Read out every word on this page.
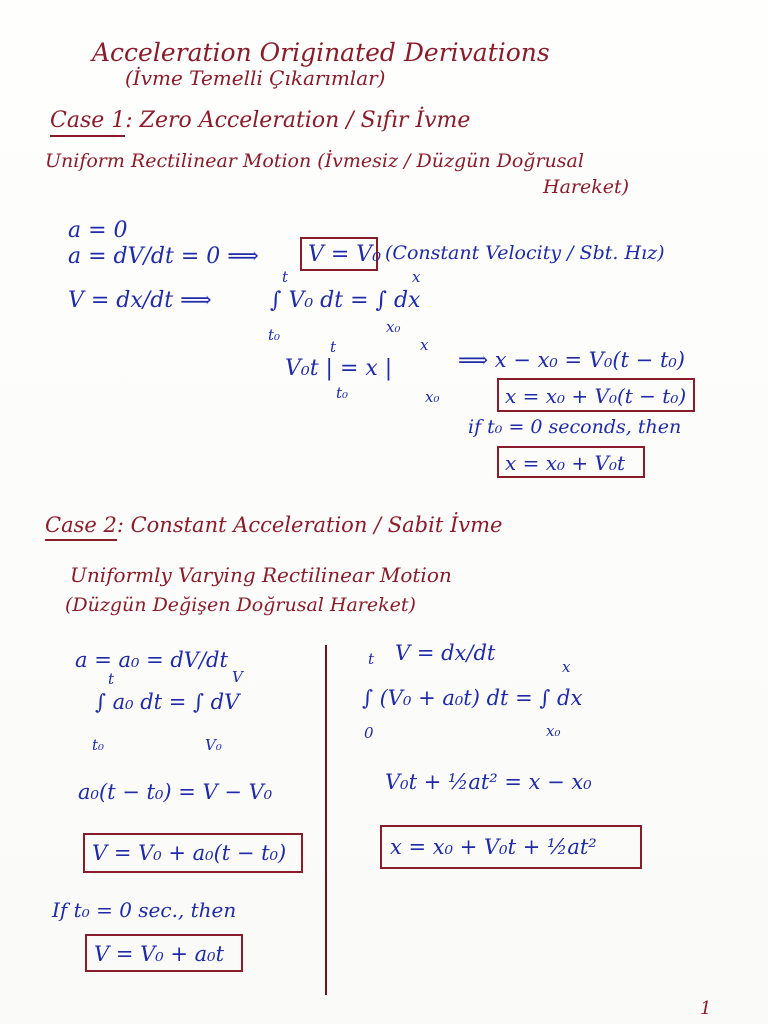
Acceleration Originated Derivations
(İvme Temelli Çıkarımlar)
Case 1: Zero Acceleration / Sıfır İvme
Uniform Rectilinear Motion (İvmesiz / Düzgün Doğrusal
Hareket)
a = 0
a = dV/dt = 0 ⟹ V = V₀ (Constant Velocity / Sbt. Hız)
V = dx/dt ⟹	∫ V₀ dt = ∫ dx
t
t₀
x
x₀
V₀t | = x |
t
t₀
x
x₀
⟹ x − x₀ = V₀(t − t₀)
x = x₀ + V₀(t − t₀)
if t₀ = 0 seconds, then
x = x₀ + V₀t
Case 2: Constant Acceleration / Sabit İvme
Uniformly Varying Rectilinear Motion
(Düzgün Değişen Doğrusal Hareket)
a = a₀ = dV/dt
∫ a₀ dt = ∫ dV
t
t₀
V
V₀
a₀(t − t₀) = V − V₀
V = V₀ + a₀(t − t₀)
If t₀ = 0 sec., then
V = V₀ + a₀t
V = dx/dt
∫ (V₀ + a₀t) dt = ∫ dx
t
0
x
x₀
V₀t + ½at² = x − x₀
x = x₀ + V₀t + ½at²
1
